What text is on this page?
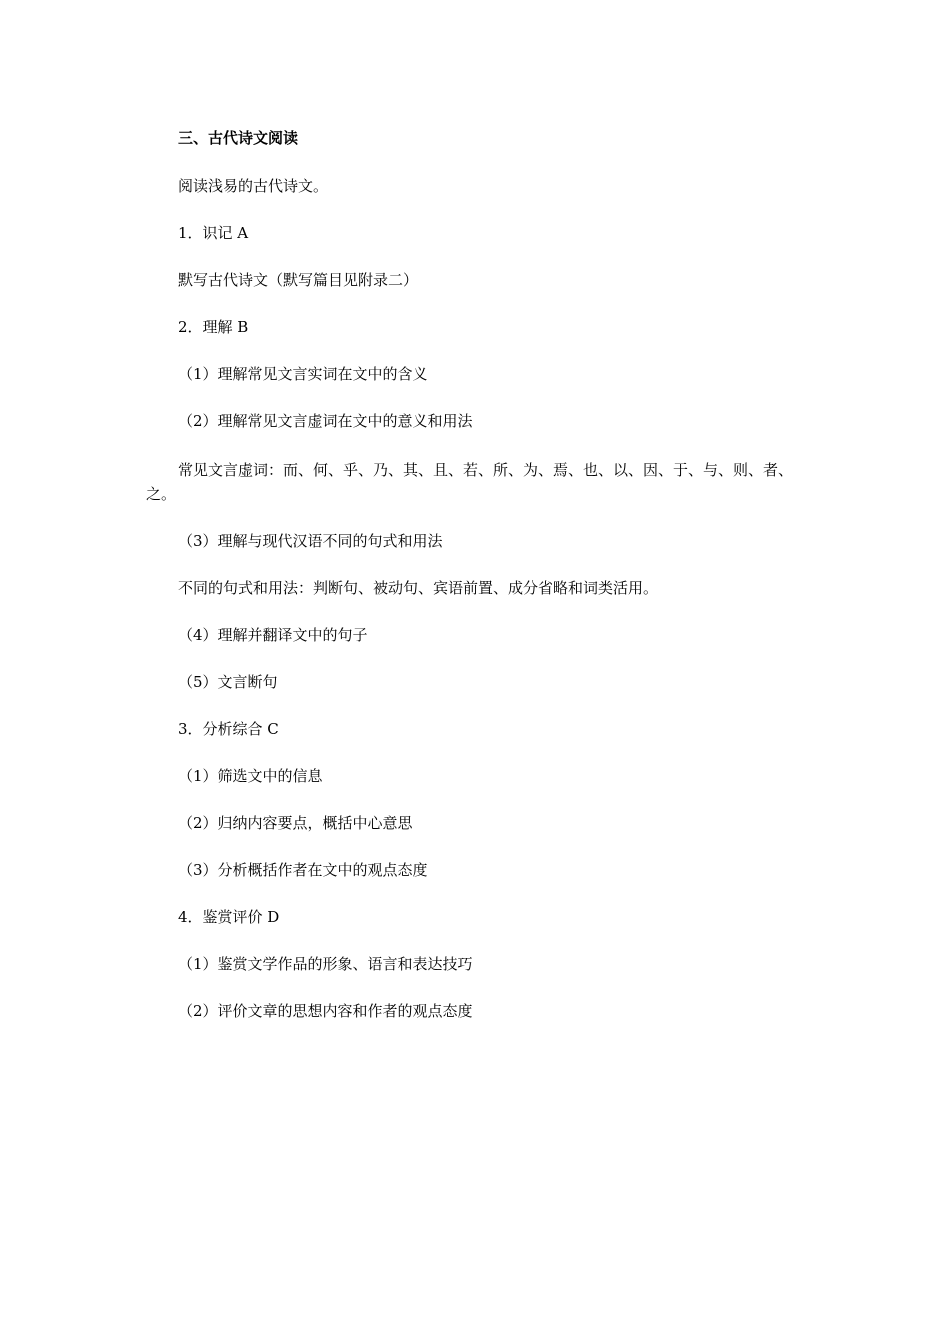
三、古代诗文阅读
阅读浅易的古代诗文。
1．识记 A
默写古代诗文（默写篇目见附录二）
2．理解 B
（1）理解常见文言实词在文中的含义
（2）理解常见文言虚词在文中的意义和用法
常见文言虚词：而、何、乎、乃、其、且、若、所、为、焉、也、以、因、于、与、则、者、之。
（3）理解与现代汉语不同的句式和用法
不同的句式和用法：判断句、被动句、宾语前置、成分省略和词类活用。
（4）理解并翻译文中的句子
（5）文言断句
3．分析综合 C
（1）筛选文中的信息
（2）归纳内容要点，概括中心意思
（3）分析概括作者在文中的观点态度
4．鉴赏评价 D
（1）鉴赏文学作品的形象、语言和表达技巧
（2）评价文章的思想内容和作者的观点态度
